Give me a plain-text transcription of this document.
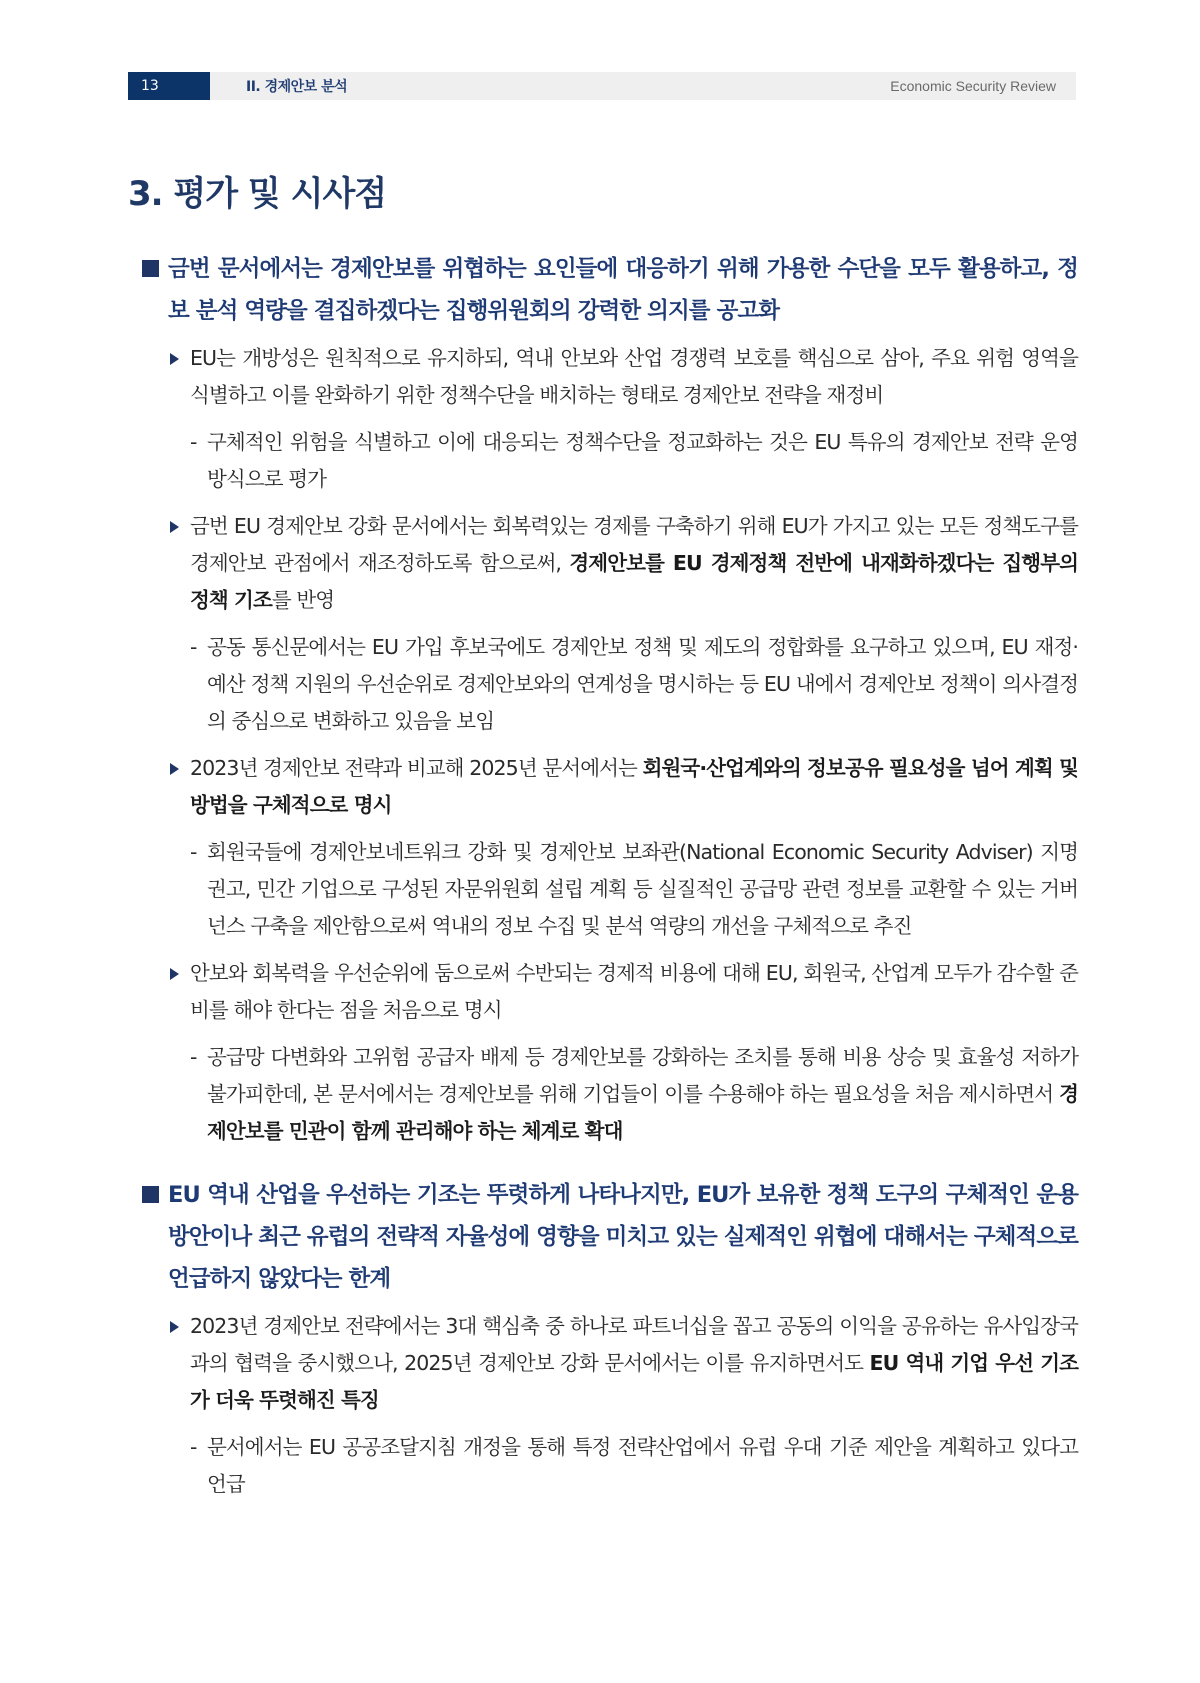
13	II. 경제안보 분석	Economic Security Review
3. 평가 및 시사점
금번 문서에서는 경제안보를 위협하는 요인들에 대응하기 위해 가용한 수단을 모두 활용하고, 정보 분석 역량을 결집하겠다는 집행위원회의 강력한 의지를 공고화
EU는 개방성은 원칙적으로 유지하되, 역내 안보와 산업 경쟁력 보호를 핵심으로 삼아, 주요 위험 영역을 식별하고 이를 완화하기 위한 정책수단을 배치하는 형태로 경제안보 전략을 재정비
- 구체적인 위험을 식별하고 이에 대응되는 정책수단을 정교화하는 것은 EU 특유의 경제안보 전략 운영 방식으로 평가
금번 EU 경제안보 강화 문서에서는 회복력있는 경제를 구축하기 위해 EU가 가지고 있는 모든 정책도구를 경제안보 관점에서 재조정하도록 함으로써, 경제안보를 EU 경제정책 전반에 내재화하겠다는 집행부의 정책 기조를 반영
- 공동 통신문에서는 EU 가입 후보국에도 경제안보 정책 및 제도의 정합화를 요구하고 있으며, EU 재정·예산 정책 지원의 우선순위로 경제안보와의 연계성을 명시하는 등 EU 내에서 경제안보 정책이 의사결정의 중심으로 변화하고 있음을 보임
2023년 경제안보 전략과 비교해 2025년 문서에서는 회원국·산업계와의 정보공유 필요성을 넘어 계획 및 방법을 구체적으로 명시
- 회원국들에 경제안보네트워크 강화 및 경제안보 보좌관(National Economic Security Adviser) 지명 권고, 민간 기업으로 구성된 자문위원회 설립 계획 등 실질적인 공급망 관련 정보를 교환할 수 있는 거버넌스 구축을 제안함으로써 역내의 정보 수집 및 분석 역량의 개선을 구체적으로 추진
안보와 회복력을 우선순위에 둠으로써 수반되는 경제적 비용에 대해 EU, 회원국, 산업계 모두가 감수할 준비를 해야 한다는 점을 처음으로 명시
- 공급망 다변화와 고위험 공급자 배제 등 경제안보를 강화하는 조치를 통해 비용 상승 및 효율성 저하가 불가피한데, 본 문서에서는 경제안보를 위해 기업들이 이를 수용해야 하는 필요성을 처음 제시하면서 경제안보를 민관이 함께 관리해야 하는 체계로 확대
EU 역내 산업을 우선하는 기조는 뚜렷하게 나타나지만, EU가 보유한 정책 도구의 구체적인 운용 방안이나 최근 유럽의 전략적 자율성에 영향을 미치고 있는 실제적인 위협에 대해서는 구체적으로 언급하지 않았다는 한계
2023년 경제안보 전략에서는 3대 핵심축 중 하나로 파트너십을 꼽고 공동의 이익을 공유하는 유사입장국과의 협력을 중시했으나, 2025년 경제안보 강화 문서에서는 이를 유지하면서도 EU 역내 기업 우선 기조가 더욱 뚜렷해진 특징
- 문서에서는 EU 공공조달지침 개정을 통해 특정 전략산업에서 유럽 우대 기준 제안을 계획하고 있다고 언급
